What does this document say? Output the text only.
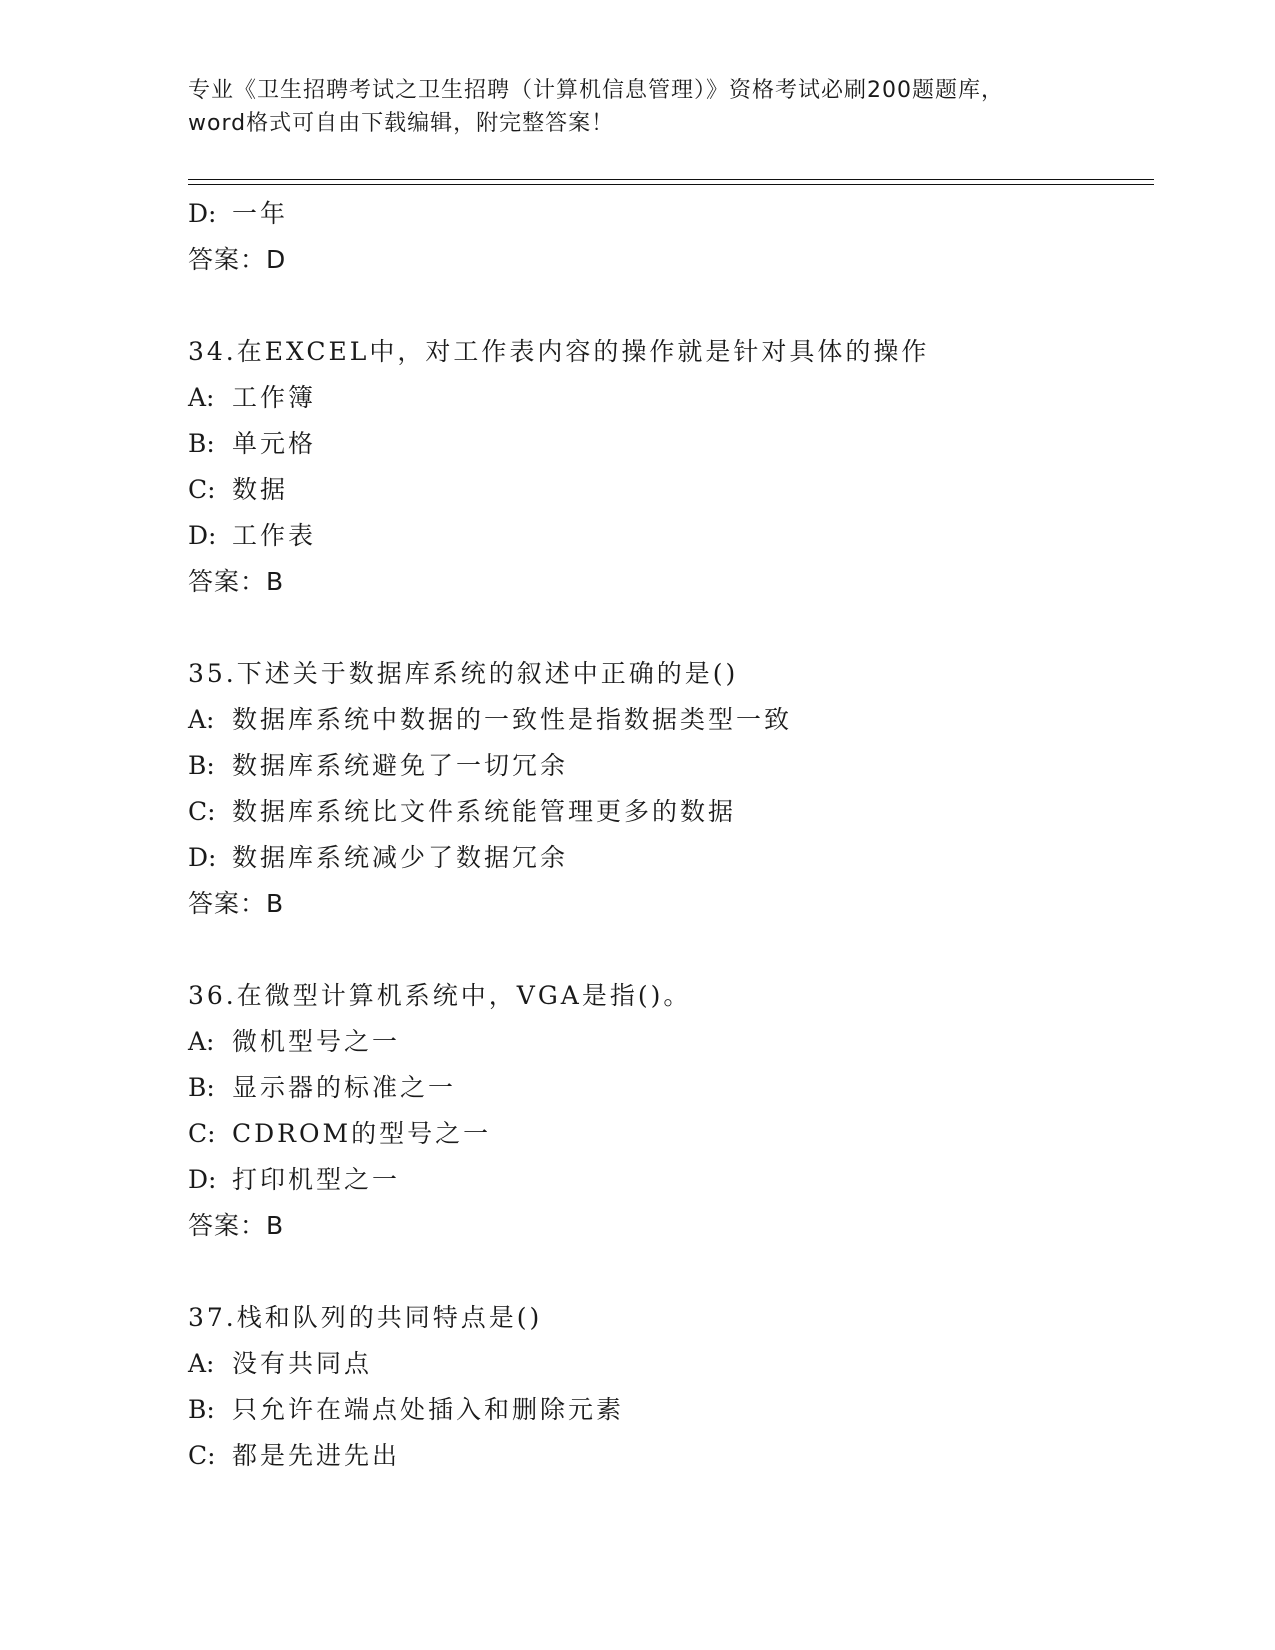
专业《卫生招聘考试之卫生招聘（计算机信息管理）》资格考试必刷200题题库，
word格式可自由下载编辑，附完整答案！
D: 一年
答案：D
34.在EXCEL中，对工作表内容的操作就是针对具体的操作
A: 工作簿
B: 单元格
C: 数据
D: 工作表
答案：B
35.下述关于数据库系统的叙述中正确的是()
A: 数据库系统中数据的一致性是指数据类型一致
B: 数据库系统避免了一切冗余
C: 数据库系统比文件系统能管理更多的数据
D: 数据库系统减少了数据冗余
答案：B
36.在微型计算机系统中，VGA是指()。
A: 微机型号之一
B: 显示器的标准之一
C: CDROM的型号之一
D: 打印机型之一
答案：B
37.栈和队列的共同特点是()
A: 没有共同点
B: 只允许在端点处插入和删除元素
C: 都是先进先出
